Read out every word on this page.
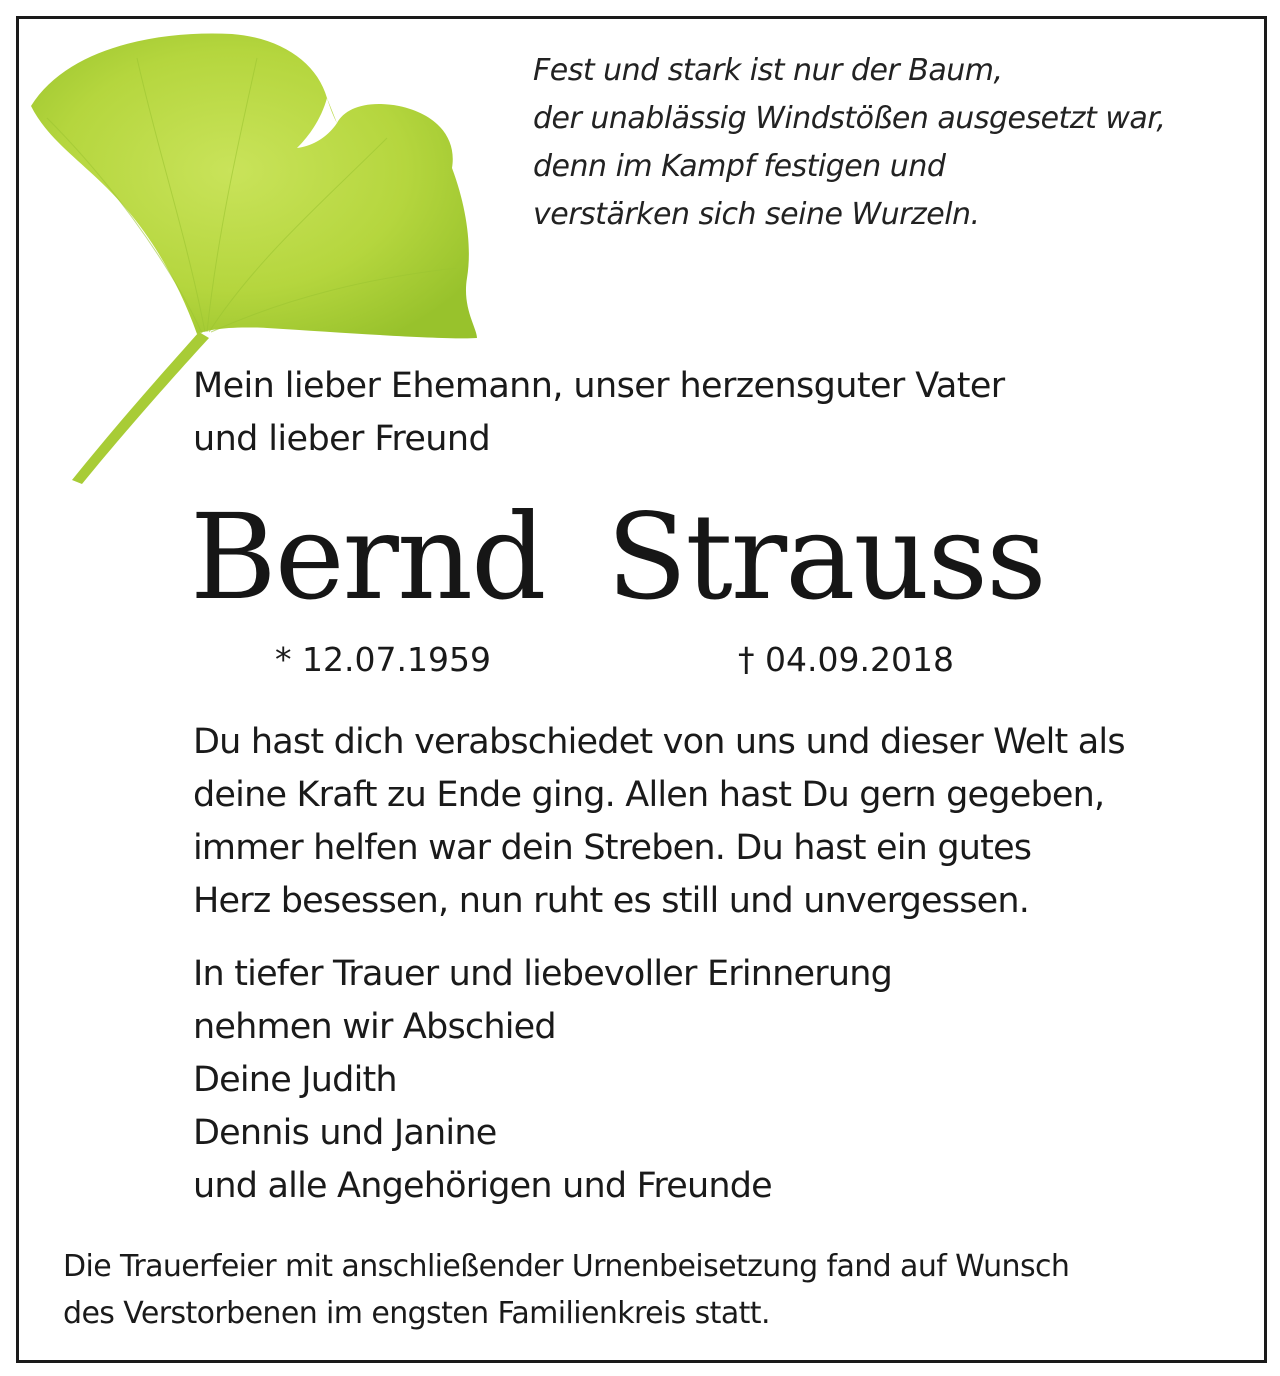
Fest und stark ist nur der Baum,
der unablässig Windstößen ausgesetzt war,
denn im Kampf festigen und
verstärken sich seine Wurzeln.
Mein lieber Ehemann, unser herzensguter Vater
und lieber Freund
Bernd Strauss
* 12.07.1959	† 04.09.2018
Du hast dich verabschiedet von uns und dieser Welt als
deine Kraft zu Ende ging. Allen hast Du gern gegeben,
immer helfen war dein Streben. Du hast ein gutes
Herz besessen, nun ruht es still und unvergessen.
In tiefer Trauer und liebevoller Erinnerung
nehmen wir Abschied
Deine Judith
Dennis und Janine
und alle Angehörigen und Freunde
Die Trauerfeier mit anschließender Urnenbeisetzung fand auf Wunsch
des Verstorbenen im engsten Familienkreis statt.
